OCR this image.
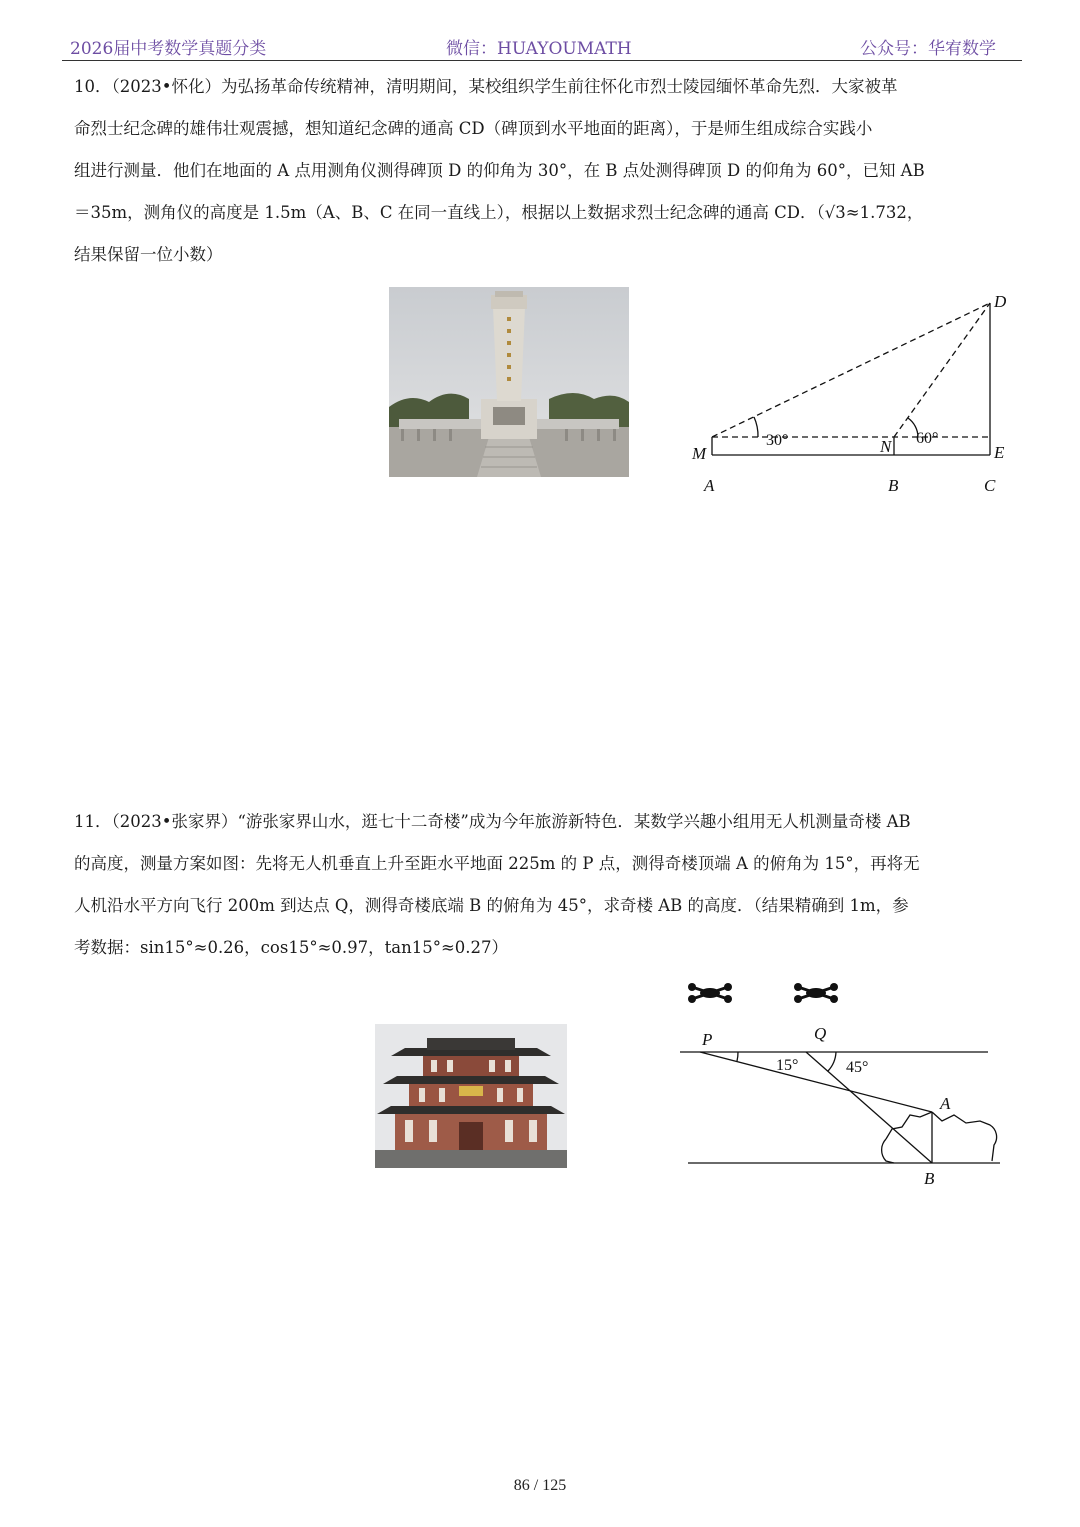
2026届中考数学真题分类	微信：HUAYOUMATH	公众号：华宥数学

10．（2023•怀化）为弘扬革命传统精神，清明期间，某校组织学生前往怀化市烈士陵园缅怀革命先烈．大家被革

命烈士纪念碑的雄伟壮观震撼，想知道纪念碑的通高 CD（碑顶到水平地面的距离），于是师生组成综合实践小

组进行测量．他们在地面的 A 点用测角仪测得碑顶 D 的仰角为 30°，在 B 点处测得碑顶 D 的仰角为 60°，已知 AB

＝35m，测角仪的高度是 1.5m（A、B、C 在同一直线上），根据以上数据求烈士纪念碑的通高 CD．（√3≈1.732，

结果保留一位小数）

D
M	N	E
A	B	C
30°	60°

11．（2023•张家界）“游张家界山水，逛七十二奇楼”成为今年旅游新特色．某数学兴趣小组用无人机测量奇楼 AB

的高度，测量方案如图：先将无人机垂直上升至距水平地面 225m 的 P 点，测得奇楼顶端 A 的俯角为 15°，再将无

人机沿水平方向飞行 200m 到达点 Q，测得奇楼底端 B 的俯角为 45°，求奇楼 AB 的高度．（结果精确到 1m，参

考数据：sin15°≈0.26，cos15°≈0.97，tan15°≈0.27）

P	Q
A
B
15°	45°
86 / 125
